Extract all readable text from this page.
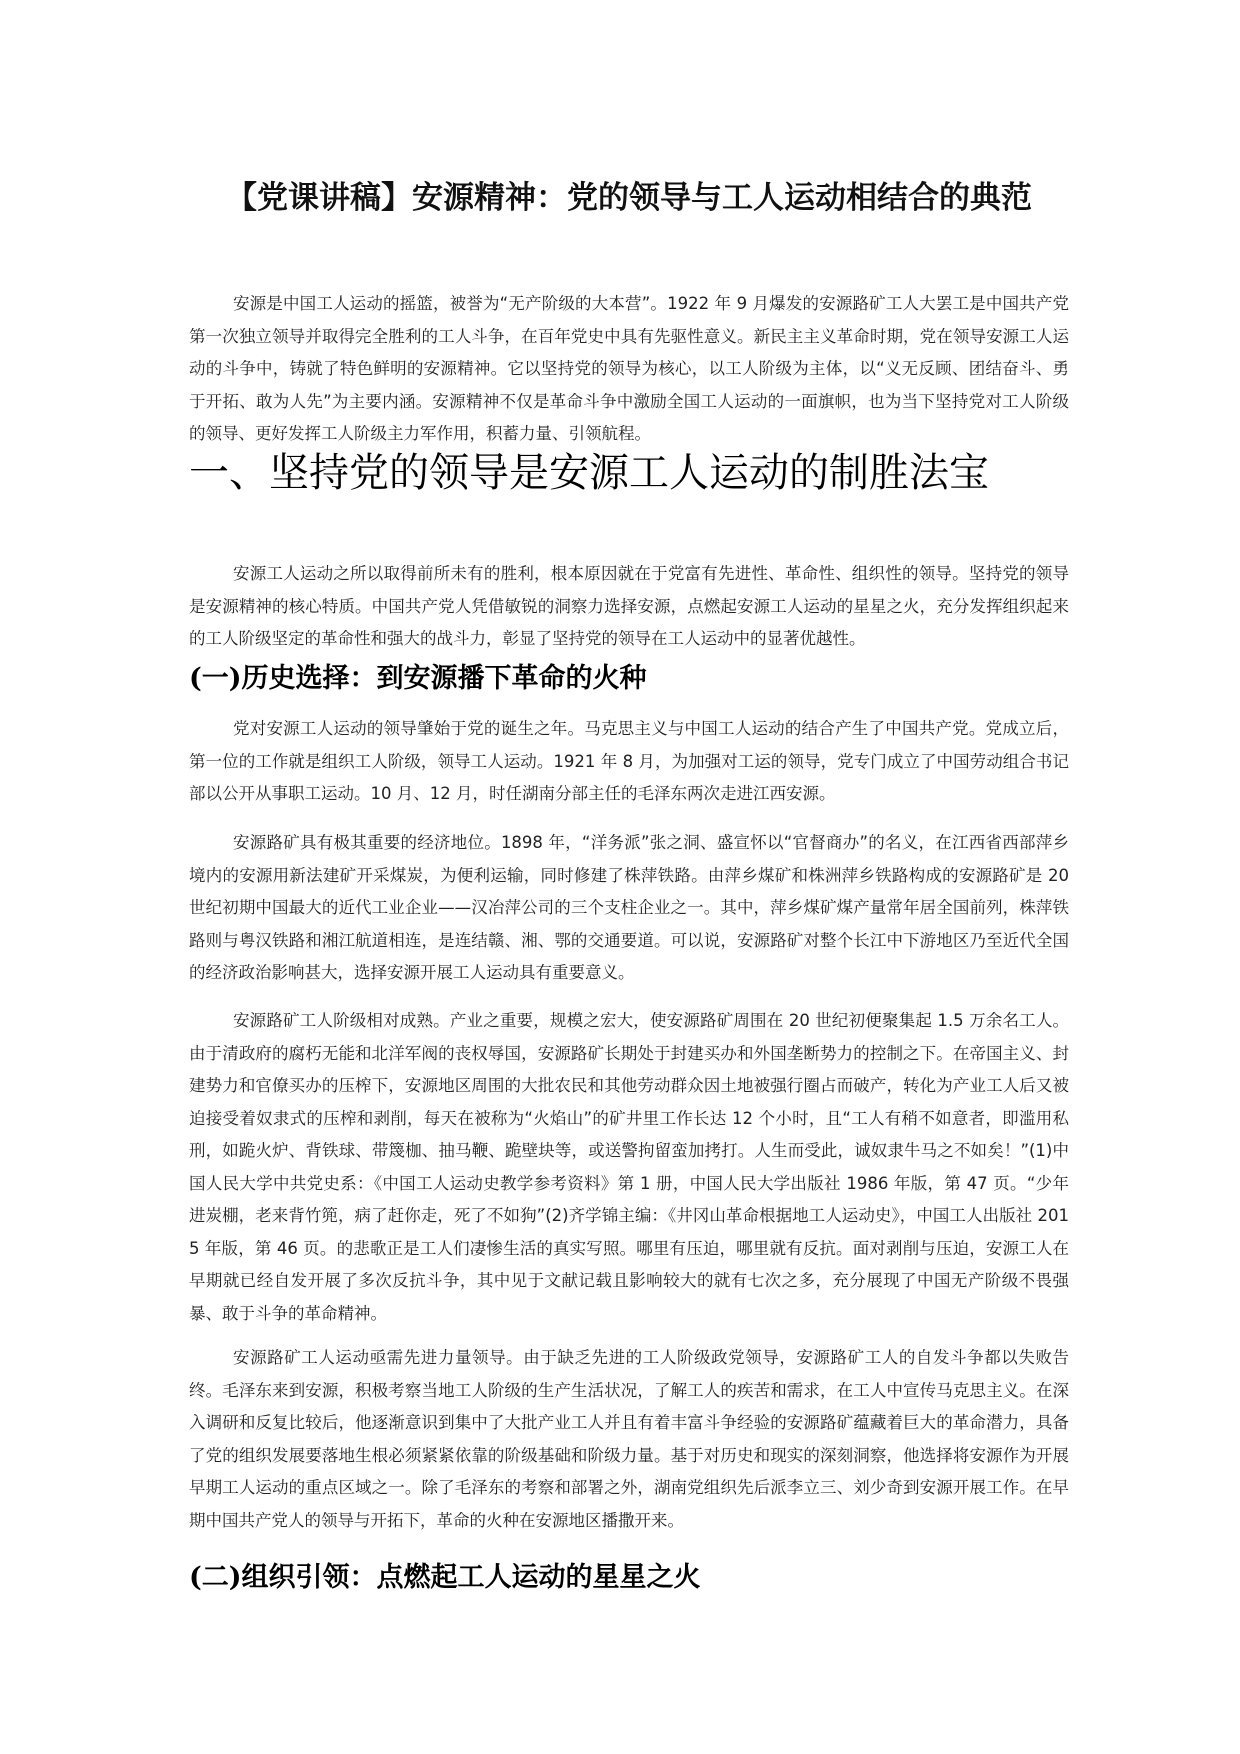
【党课讲稿】安源精神：党的领导与工人运动相结合的典范

安源是中国工人运动的摇篮，被誉为“无产阶级的大本营”。1922 年 9 月爆发的安源路矿工人大罢工是中国共产党第一次独立领导并取得完全胜利的工人斗争，在百年党史中具有先驱性意义。新民主主义革命时期，党在领导安源工人运动的斗争中，铸就了特色鲜明的安源精神。它以坚持党的领导为核心，以工人阶级为主体，以“义无反顾、团结奋斗、勇于开拓、敢为人先”为主要内涵。安源精神不仅是革命斗争中激励全国工人运动的一面旗帜，也为当下坚持党对工人阶级的领导、更好发挥工人阶级主力军作用，积蓄力量、引领航程。

一、坚持党的领导是安源工人运动的制胜法宝

安源工人运动之所以取得前所未有的胜利，根本原因就在于党富有先进性、革命性、组织性的领导。坚持党的领导是安源精神的核心特质。中国共产党人凭借敏锐的洞察力选择安源，点燃起安源工人运动的星星之火，充分发挥组织起来的工人阶级坚定的革命性和强大的战斗力，彰显了坚持党的领导在工人运动中的显著优越性。

(一)历史选择：到安源播下革命的火种

党对安源工人运动的领导肇始于党的诞生之年。马克思主义与中国工人运动的结合产生了中国共产党。党成立后，第一位的工作就是组织工人阶级，领导工人运动。1921 年 8 月，为加强对工运的领导，党专门成立了中国劳动组合书记部以公开从事职工运动。10 月、12 月，时任湖南分部主任的毛泽东两次走进江西安源。

安源路矿具有极其重要的经济地位。1898 年，“洋务派”张之洞、盛宣怀以“官督商办”的名义，在江西省西部萍乡境内的安源用新法建矿开采煤炭，为便利运输，同时修建了株萍铁路。由萍乡煤矿和株洲萍乡铁路构成的安源路矿是 20 世纪初期中国最大的近代工业企业——汉冶萍公司的三个支柱企业之一。其中，萍乡煤矿煤产量常年居全国前列，株萍铁路则与粤汉铁路和湘江航道相连，是连结赣、湘、鄂的交通要道。可以说，安源路矿对整个长江中下游地区乃至近代全国的经济政治影响甚大，选择安源开展工人运动具有重要意义。

安源路矿工人阶级相对成熟。产业之重要，规模之宏大，使安源路矿周围在 20 世纪初便聚集起 1.5 万余名工人。由于清政府的腐朽无能和北洋军阀的丧权辱国，安源路矿长期处于封建买办和外国垄断势力的控制之下。在帝国主义、封建势力和官僚买办的压榨下，安源地区周围的大批农民和其他劳动群众因土地被强行圈占而破产，转化为产业工人后又被迫接受着奴隶式的压榨和剥削，每天在被称为“火焰山”的矿井里工作长达 12 个小时，且“工人有稍不如意者，即滥用私刑，如跪火炉、背铁球、带篾枷、抽马鞭、跪壁块等，或送警拘留蛮加拷打。人生而受此，诚奴隶牛马之不如矣！”(1)中国人民大学中共党史系：《中国工人运动史教学参考资料》第 1 册，中国人民大学出版社 1986 年版，第 47 页。“少年进炭棚，老来背竹篼，病了赶你走，死了不如狗”(2)齐学锦主编：《井冈山革命根据地工人运动史》，中国工人出版社 2015 年版，第 46 页。的悲歌正是工人们凄惨生活的真实写照。哪里有压迫，哪里就有反抗。面对剥削与压迫，安源工人在早期就已经自发开展了多次反抗斗争，其中见于文献记载且影响较大的就有七次之多，充分展现了中国无产阶级不畏强暴、敢于斗争的革命精神。

安源路矿工人运动亟需先进力量领导。由于缺乏先进的工人阶级政党领导，安源路矿工人的自发斗争都以失败告终。毛泽东来到安源，积极考察当地工人阶级的生产生活状况，了解工人的疾苦和需求，在工人中宣传马克思主义。在深入调研和反复比较后，他逐渐意识到集中了大批产业工人并且有着丰富斗争经验的安源路矿蕴藏着巨大的革命潜力，具备了党的组织发展要落地生根必须紧紧依靠的阶级基础和阶级力量。基于对历史和现实的深刻洞察，他选择将安源作为开展早期工人运动的重点区域之一。除了毛泽东的考察和部署之外，湖南党组织先后派李立三、刘少奇到安源开展工作。在早期中国共产党人的领导与开拓下，革命的火种在安源地区播撒开来。

(二)组织引领：点燃起工人运动的星星之火
